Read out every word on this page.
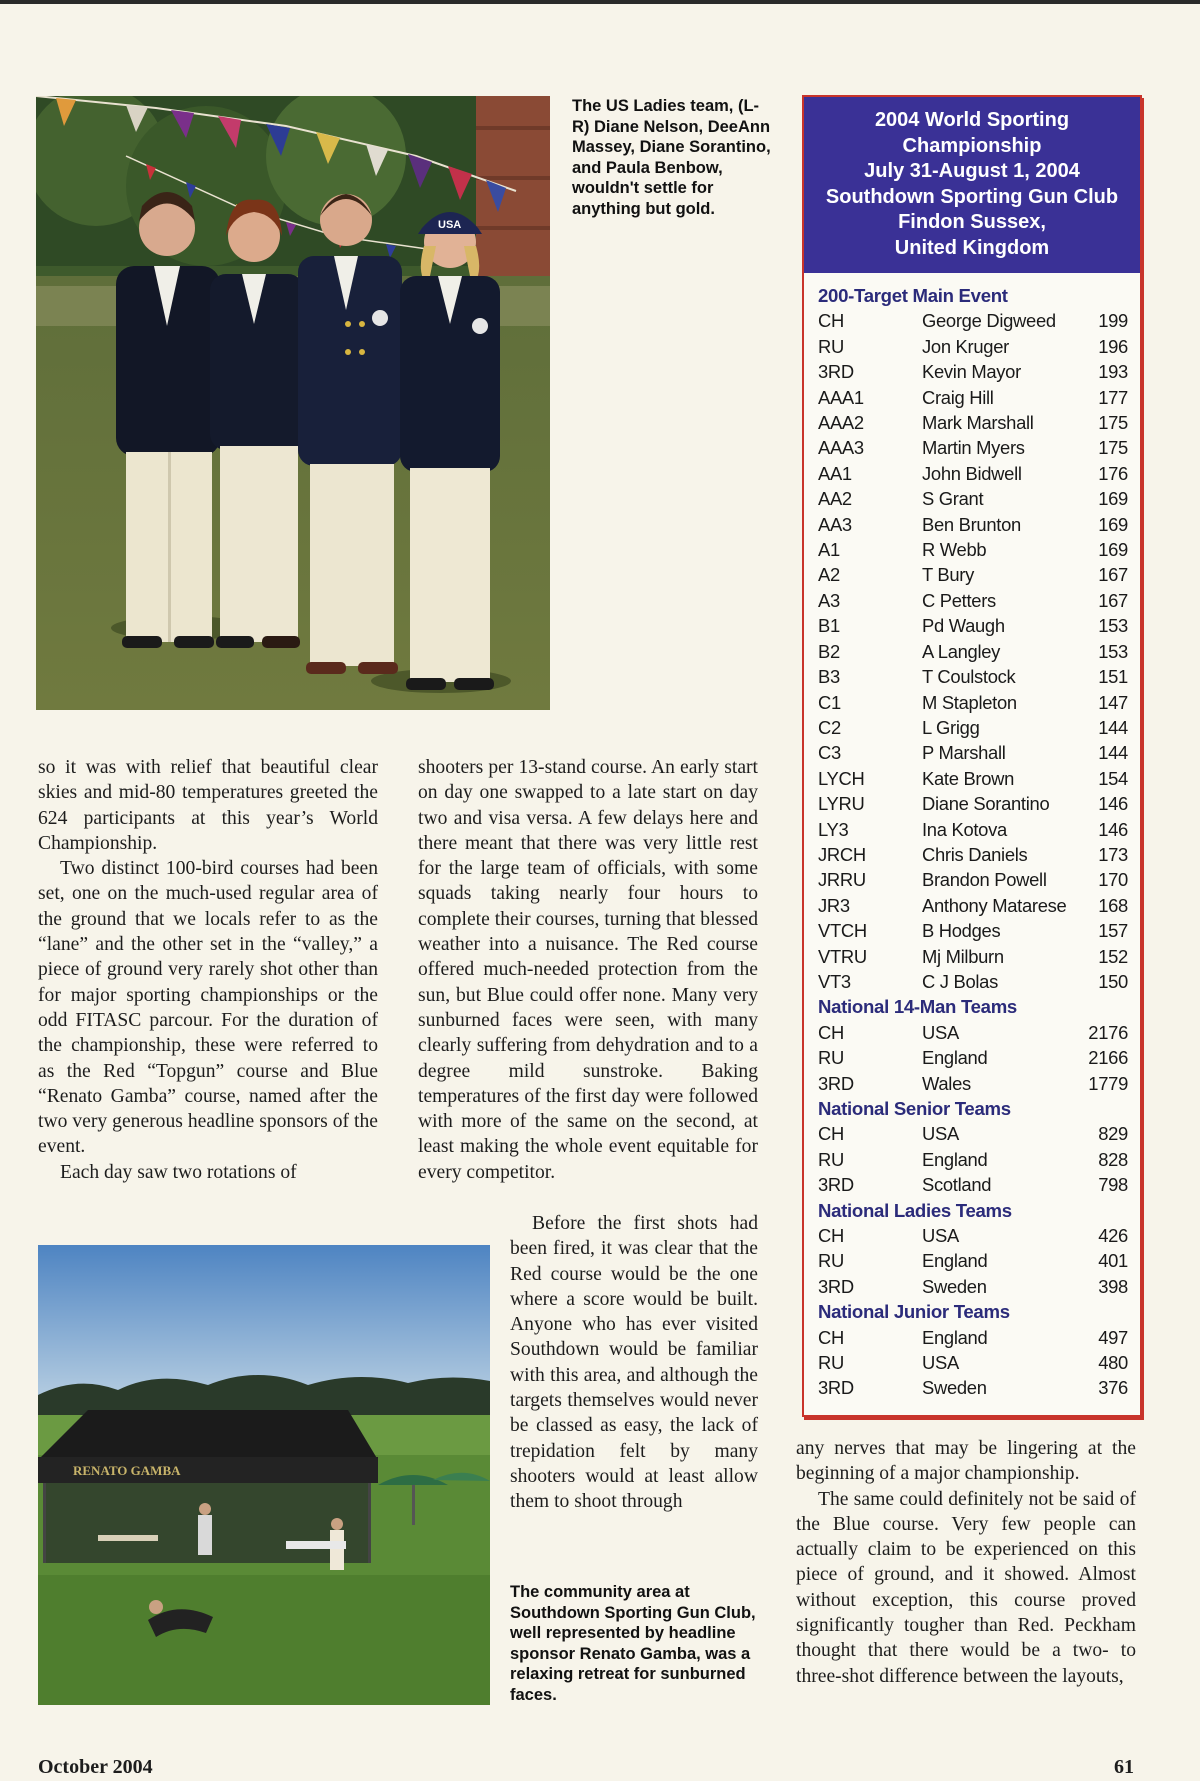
USA
The US Ladies team, (L-R) Diane Nelson, DeeAnn Massey, Diane Sorantino, and Paula Benbow, wouldn't settle for anything but gold.
2004 World Sporting
Championship
July 31-August 1, 2004
Southdown Sporting Gun Club
Findon Sussex,
United Kingdom
200-Target Main Event
CH	George Digweed	199
RU	Jon Kruger	196
3RD	Kevin Mayor	193
AAA1	Craig Hill	177
AAA2	Mark Marshall	175
AAA3	Martin Myers	175
AA1	John Bidwell	176
AA2	S Grant	169
AA3	Ben Brunton	169
A1	R Webb	169
A2	T Bury	167
A3	C Petters	167
B1	Pd Waugh	153
B2	A Langley	153
B3	T Coulstock	151
C1	M Stapleton	147
C2	L Grigg	144
C3	P Marshall	144
LYCH	Kate Brown	154
LYRU	Diane Sorantino	146
LY3	Ina Kotova	146
JRCH	Chris Daniels	173
JRRU	Brandon Powell	170
JR3	Anthony Matarese	168
VTCH	B Hodges	157
VTRU	Mj Milburn	152
VT3	C J Bolas	150
National 14-Man Teams
CH	USA	2176
RU	England	2166
3RD	Wales	1779
National Senior Teams
CH	USA	829
RU	England	828
3RD	Scotland	798
National Ladies Teams
CH	USA	426
RU	England	401
3RD	Sweden	398
National Junior Teams
CH	England	497
RU	USA	480
3RD	Sweden	376

so it was with relief that beautiful clear skies and mid-80 temperatures greeted the 624 participants at this year’s World Championship.

Two distinct 100-bird courses had been set, one on the much-used regular area of the ground that we locals refer to as the “lane” and the other set in the “valley,” a piece of ground very rarely shot other than for major sporting championships or the odd FITASC parcour. For the duration of the championship, these were referred to as the Red “Topgun” course and Blue “Renato Gamba” course, named after the two very generous headline sponsors of the event.

Each day saw two rotations of

shooters per 13-stand course. An early start on day one swapped to a late start on day two and visa versa. A few delays here and there meant that there was very little rest for the large team of officials, with some squads taking nearly four hours to complete their courses, turning that blessed weather into a nuisance. The Red course offered much-needed protection from the sun, but Blue could offer none. Many very sunburned faces were seen, with many clearly suffering from dehydration and to a degree mild sunstroke. Baking temperatures of the first day were followed with more of the same on the second, at least making the whole event equitable for every competitor.

RENATO GAMBA

Before the first shots had been fired, it was clear that the Red course would be the one where a score would be built. Anyone who has ever visited Southdown would be familiar with this area, and although the targets themselves would never be classed as easy, the lack of trepidation felt by many shooters would at least allow them to shoot through

The community area at Southdown Sporting Gun Club, well represented by headline sponsor Renato Gamba, was a relaxing retreat for sunburned faces.

any nerves that may be lingering at the beginning of a major championship.

The same could definitely not be said of the Blue course. Very few people can actually claim to be experienced on this piece of ground, and it showed. Almost without exception, this course proved significantly tougher than Red. Peckham thought that there would be a two- to three-shot difference between the layouts,

October 2004	61
